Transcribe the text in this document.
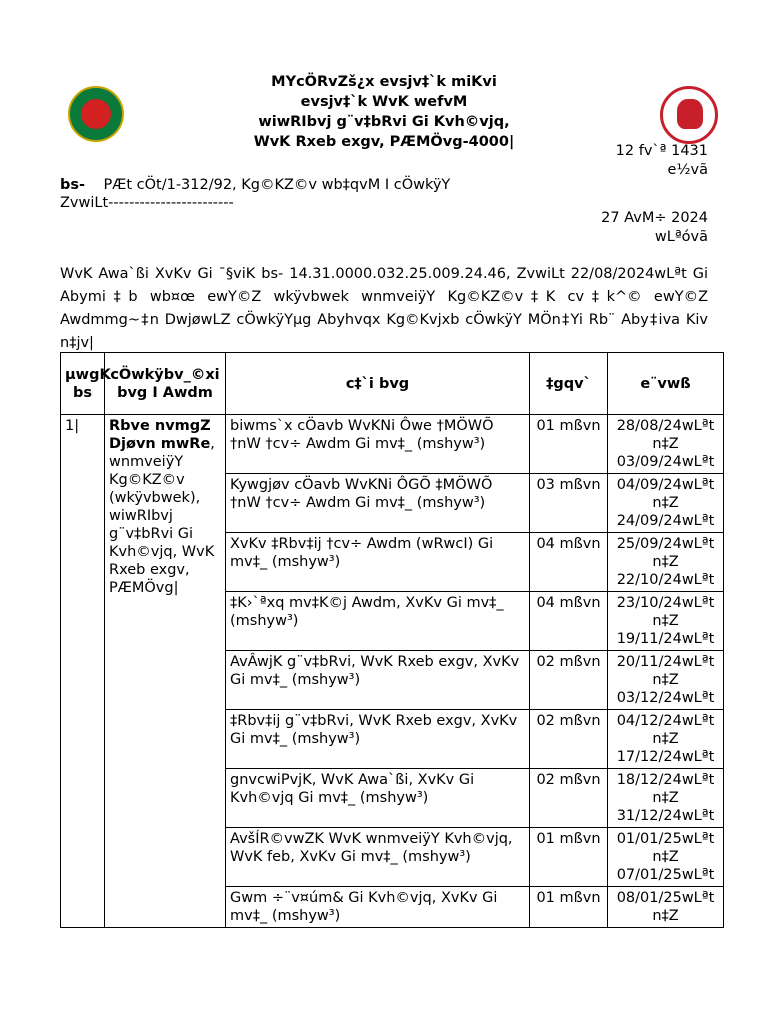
MYcÖRvZš¿x evsjv‡`k miKvi
evsjv‡`k WvK wefvM
wiwRIbvj g¨v‡bRvi Gi Kvh©vjq,
WvK Rxeb exgv, PÆMÖvg-4000|
12 fv`ª 1431
e½vã
bs- PÆt cÖt/1-312/92, Kg©KZ©v wb‡qvM I cÖwkÿY
ZvwiLt------------------------
27 AvM÷ 2024
wLªóvã
WvK Awa`ßi XvKv Gi ¯§viK bs- 14.31.0000.032.25.009.24.46, ZvwiLt 22/08/2024wLªt Gi Abymi‡b wb¤œ ewY©Z wkÿvbwek wnmveiÿY Kg©KZ©v‡K cv‡k^© ewY©Z Awdmmg~‡n DwjøwLZ cÖwkÿYµg Abyhvqx Kg©Kvjxb cÖwkÿY MÖn‡Yi Rb¨ Aby‡iva Kiv n‡jv|
µwgK bs	cÖwkÿbv_©xi bvg I Awdm	c‡`i bvg	‡gqv`	e¨vwß
1|	Rbve nvmgZ Djøvn mwRe, wnmveiÿY Kg©KZ©v (wkÿvbwek), wiwRIbvj g¨v‡bRvi Gi Kvh©vjq, WvK Rxeb exgv, PÆMÖvg|	biwms`x cÖavb WvKNi Ôwe †MÖWÕ †nW †cv÷ Awdm Gi mv‡_ (mshyw³)	01 mßvn	28/08/24wLªt
n‡Z
03/09/24wLªt

		Kywgjøv cÖavb WvKNi ÔGÕ ‡MÖWÕ †nW †cv÷ Awdm Gi mv‡_ (mshyw³)	03 mßvn	04/09/24wLªt
n‡Z
24/09/24wLªt

		XvKv ‡Rbv‡ij †cv÷ Awdm (wRwcI) Gi mv‡_ (mshyw³)	04 mßvn	25/09/24wLªt
n‡Z
22/10/24wLªt

		‡K›`ªxq mv‡K©j Awdm, XvKv Gi mv‡_ (mshyw³)	04 mßvn	23/10/24wLªt
n‡Z
19/11/24wLªt

		AvÂwjK g¨v‡bRvi, WvK Rxeb exgv, XvKv Gi mv‡_ (mshyw³)	02 mßvn	20/11/24wLªt
n‡Z
03/12/24wLªt

		‡Rbv‡ij g¨v‡bRvi, WvK Rxeb exgv, XvKv Gi mv‡_ (mshyw³)	02 mßvn	04/12/24wLªt
n‡Z
17/12/24wLªt

		gnvcwiPvjK, WvK Awa`ßi, XvKv Gi Kvh©vjq Gi mv‡_ (mshyw³)	02 mßvn	18/12/24wLªt
n‡Z
31/12/24wLªt

		AvšÍR©vwZK WvK wnmveiÿY Kvh©vjq, WvK feb, XvKv Gi mv‡_ (mshyw³)	01 mßvn	01/01/25wLªt
n‡Z
07/01/25wLªt

		Gwm ÷¨v¤úm& Gi Kvh©vjq, XvKv Gi mv‡_ (mshyw³)	01 mßvn	08/01/25wLªt
n‡Z
